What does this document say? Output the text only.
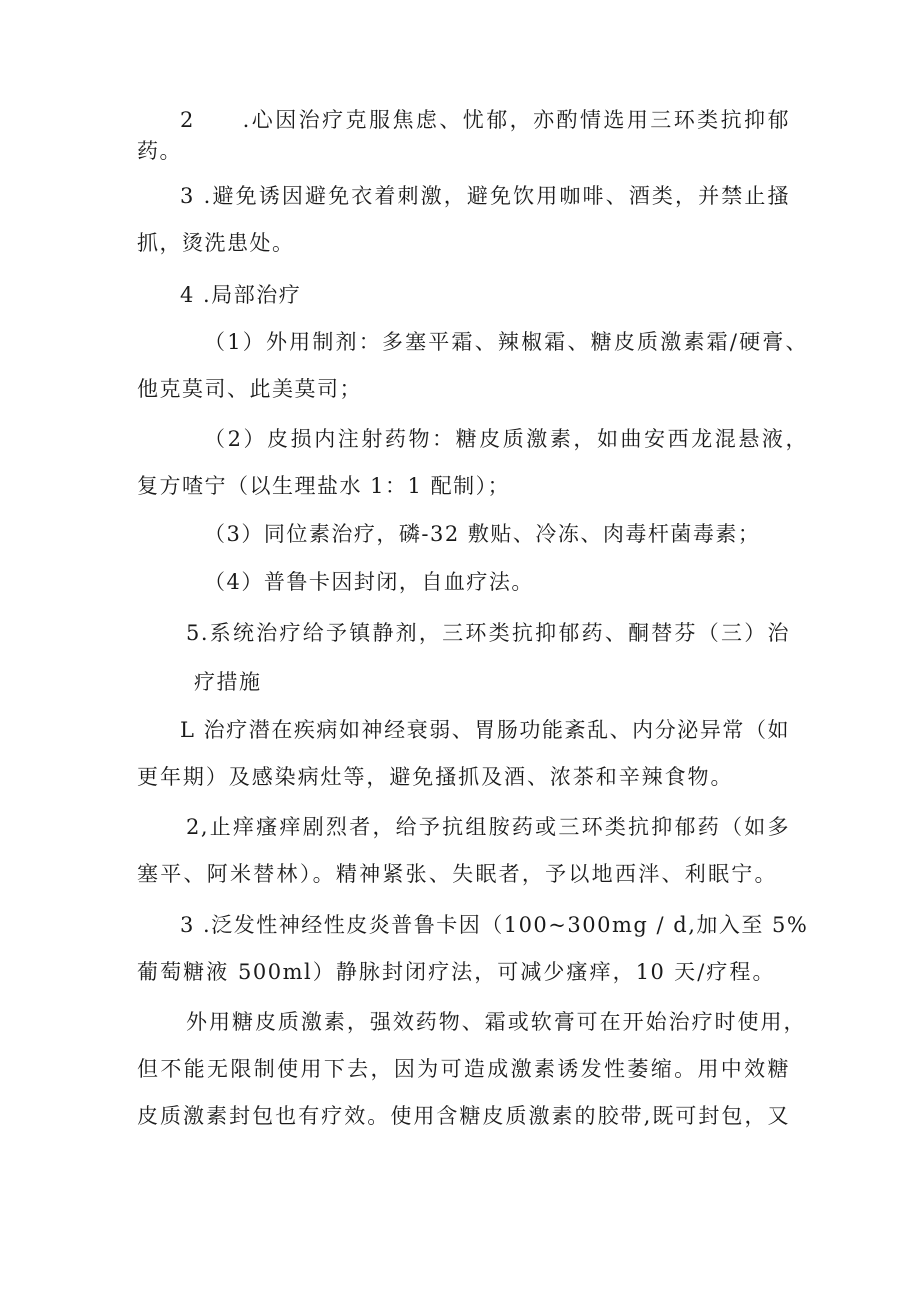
2　　.心因治疗克服焦虑、忧郁，亦酌情选用三环类抗抑郁
药。
3 .避免诱因避免衣着刺激，避免饮用咖啡、酒类，并禁止搔
抓，烫洗患处。
4 .局部治疗
（1）外用制剂：多塞平霜、辣椒霜、糖皮质激素霜/硬膏、
他克莫司、此美莫司；
（2）皮损内注射药物：糖皮质激素，如曲安西龙混悬液，
复方喳宁（以生理盐水 1：1 配制）；
（3）同位素治疗，磷-32 敷贴、冷冻、肉毒杆菌毒素；
（4）普鲁卡因封闭，自血疗法。
5.系统治疗给予镇静剂，三环类抗抑郁药、酮替芬（三）治
疗措施
L 治疗潜在疾病如神经衰弱、胃肠功能紊乱、内分泌异常（如
更年期）及感染病灶等，避免搔抓及酒、浓茶和辛辣食物。
2,止痒瘙痒剧烈者，给予抗组胺药或三环类抗抑郁药（如多
塞平、阿米替林）。精神紧张、失眠者，予以地西泮、利眠宁。
3 .泛发性神经性皮炎普鲁卡因（100~300mg / d,加入至 5%
葡萄糖液 500ml）静脉封闭疗法，可减少瘙痒，10 天/疗程。
外用糖皮质激素，强效药物、霜或软膏可在开始治疗时使用，
但不能无限制使用下去，因为可造成激素诱发性萎缩。用中效糖
皮质激素封包也有疗效。使用含糖皮质激素的胶带,既可封包，又
